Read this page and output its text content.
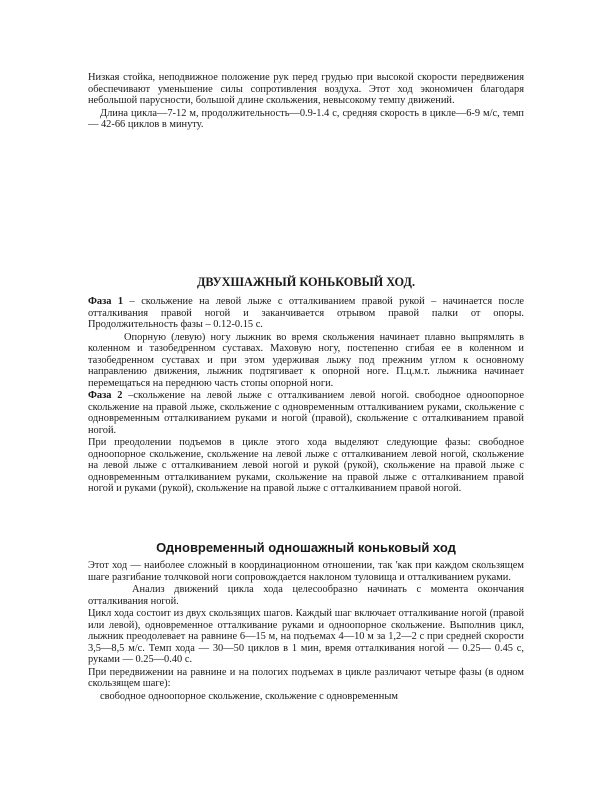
Низкая стойка, неподвижное положение рук перед грудью при высокой скорости передвижения обеспечивают уменьшение силы сопротивления воздуха. Этот ход экономичен благодаря небольшой парусности, большой длине скольжения, невысокому темпу движений.

Длина цикла—7-12 м, продолжительность—0.9-1.4 с, средняя скорость в цикле—6-9 м/с, темп — 42-66 циклов в минуту.

ДВУХШАЖНЫЙ КОНЬКОВЫЙ ХОД.

Фаза 1 – скольжение на левой лыже с отталкиванием правой рукой – начинается после отталкивания правой ногой и заканчивается отрывом правой палки от опоры. Продолжительность фазы – 0.12-0.15 с.

Опорную (левую) ногу лыжник во время скольжения начинает плавно выпрямлять в коленном и тазобедренном суставах. Маховую ногу, постепенно сгибая ее в коленном и тазобедренном суставах и при этом удерживая лыжу под прежним углом к основному направлению движения, лыжник подтягивает к опорной ноге. П.ц.м.т. лыжника начинает перемещаться на переднюю часть стопы опорной ноги.

Фаза 2 –скольжение на левой лыже с отталкиванием левой ногой. свободное одноопорное скольжение на правой лыже, скольжение с одновременным отталкиванием руками, скольжение с одновременным отталкиванием руками и ногой (правой), скольжение с отталкиванием правой ногой.

При преодолении подъемов в цикле этого хода выделяют следующие фазы: свободное одноопорное скольжение, скольжение на левой лыже с отталкиванием левой ногой, скольжение на левой лыже с отталкиванием левой ногой и рукой (рукой), скольжение на правой лыже с одновременным отталкиванием руками, скольжение на правой лыже с отталкиванием правой ногой и руками (рукой), скольжение на правой лыже с отталкиванием правой ногой.

Одновременный одношажный коньковый ход

Этот ход — наиболее сложный в координационном отношении, так 'как при каждом скользящем шаге разгибание толчковой ноги сопровождается наклоном туловища и отталкиванием руками.

Анализ движений цикла хода целесообразно начинать с момента окончания отталкивания ногой.

Цикл хода состоит из двух скользящих шагов. Каждый шаг включает отталкивание ногой (правой или левой), одновременное отталкивание руками и одноопорное скольжение. Выполнив цикл, лыжник преодолевает на равнине 6—15 м, на подъемах 4—10 м за 1,2—2 с при средней скорости 3,5—8,5 м/с. Темп хода — 30—50 циклов в 1 мин, время отталкивания ногой — 0.25— 0.45 с, руками — 0.25—0.40 с.

При передвижении на равнине и на пологих подъемах в цикле различают четыре фазы (в одном скользящем шаге):

свободное одноопорное скольжение, скольжение с одновременным
